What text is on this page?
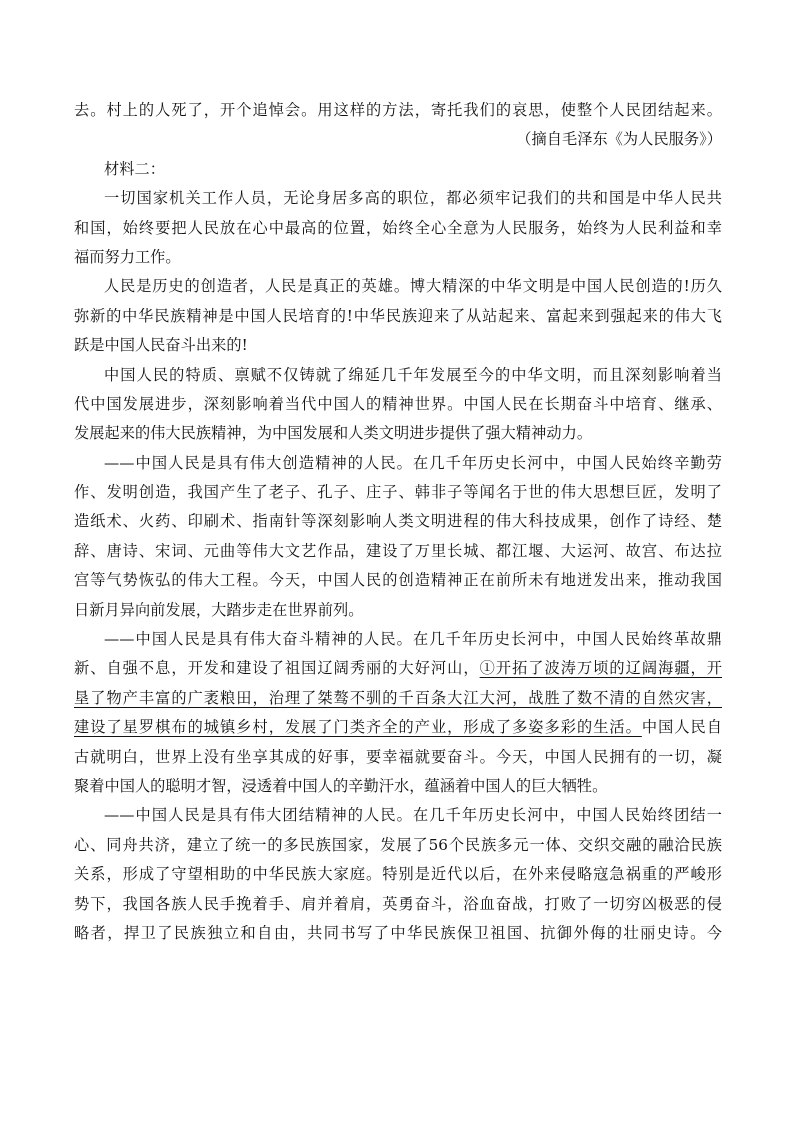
去。村上的人死了，开个追悼会。用这样的方法，寄托我们的哀思，使整个人民团结起来。
（摘自毛泽东《为人民服务》）
材料二：
一切国家机关工作人员，无论身居多高的职位，都必须牢记我们的共和国是中华人民共
和国，始终要把人民放在心中最高的位置，始终全心全意为人民服务，始终为人民利益和幸
福而努力工作。
人民是历史的创造者，人民是真正的英雄。博大精深的中华文明是中国人民创造的!历久
弥新的中华民族精神是中国人民培育的!中华民族迎来了从站起来、富起来到强起来的伟大飞
跃是中国人民奋斗出来的!
中国人民的特质、禀赋不仅铸就了绵延几千年发展至今的中华文明，而且深刻影响着当
代中国发展进步，深刻影响着当代中国人的精神世界。中国人民在长期奋斗中培育、继承、
发展起来的伟大民族精神，为中国发展和人类文明进步提供了强大精神动力。
——中国人民是具有伟大创造精神的人民。在几千年历史长河中，中国人民始终辛勤劳
作、发明创造，我国产生了老子、孔子、庄子、韩非子等闻名于世的伟大思想巨匠，发明了
造纸术、火药、印刷术、指南针等深刻影响人类文明进程的伟大科技成果，创作了诗经、楚
辞、唐诗、宋词、元曲等伟大文艺作品，建设了万里长城、都江堰、大运河、故宫、布达拉
宫等气势恢弘的伟大工程。今天，中国人民的创造精神正在前所未有地迸发出来，推动我国
日新月异向前发展，大踏步走在世界前列。
——中国人民是具有伟大奋斗精神的人民。在几千年历史长河中，中国人民始终革故鼎
新、自强不息，开发和建设了祖国辽阔秀丽的大好河山，①开拓了波涛万顷的辽阔海疆，开
垦了物产丰富的广袤粮田，治理了桀骜不驯的千百条大江大河，战胜了数不清的自然灾害，
建设了星罗棋布的城镇乡村，发展了门类齐全的产业，形成了多姿多彩的生活。中国人民自
古就明白，世界上没有坐享其成的好事，要幸福就要奋斗。今天，中国人民拥有的一切，凝
聚着中国人的聪明才智，浸透着中国人的辛勤汗水，蕴涵着中国人的巨大牺牲。
——中国人民是具有伟大团结精神的人民。在几千年历史长河中，中国人民始终团结一
心、同舟共济，建立了统一的多民族国家，发展了56个民族多元一体、交织交融的融洽民族
关系，形成了守望相助的中华民族大家庭。特别是近代以后，在外来侵略寇急祸重的严峻形
势下，我国各族人民手挽着手、肩并着肩，英勇奋斗，浴血奋战，打败了一切穷凶极恶的侵
略者，捍卫了民族独立和自由，共同书写了中华民族保卫祖国、抗御外侮的壮丽史诗。今
